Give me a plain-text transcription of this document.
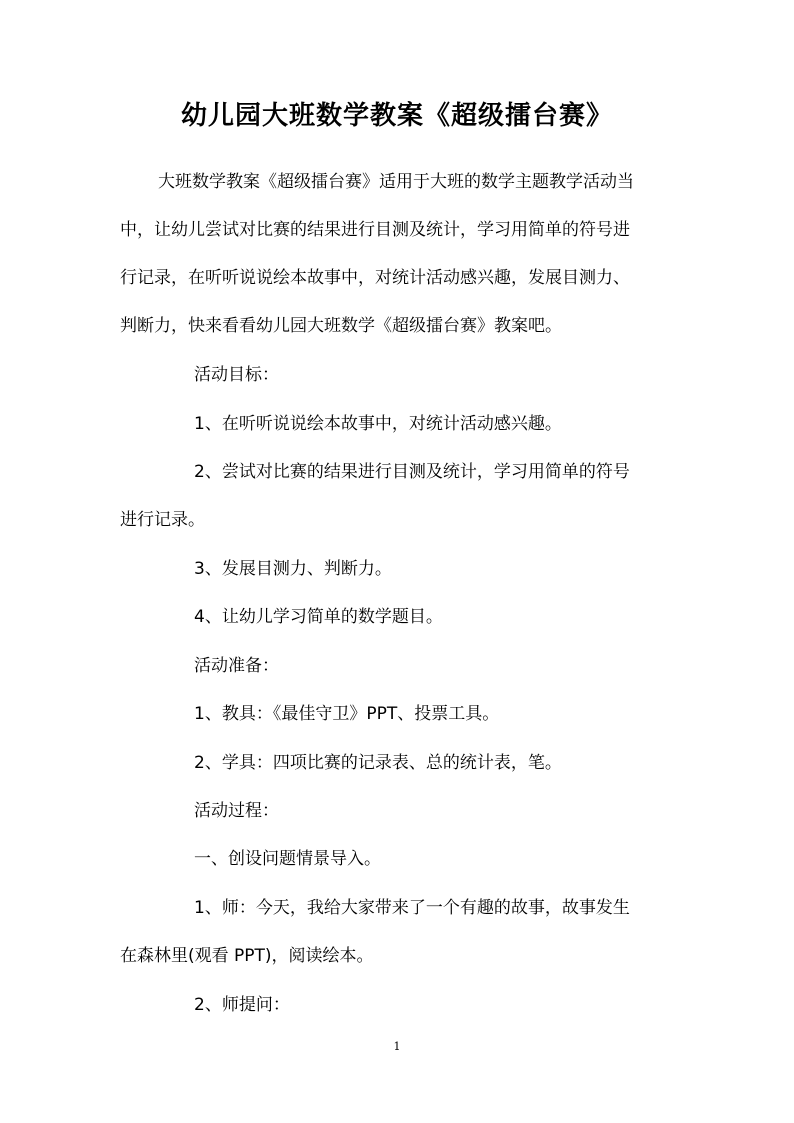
幼儿园大班数学教案《超级擂台赛》
大班数学教案《超级擂台赛》适用于大班的数学主题教学活动当
中，让幼儿尝试对比赛的结果进行目测及统计，学习用简单的符号进
行记录，在听听说说绘本故事中，对统计活动感兴趣，发展目测力、
判断力，快来看看幼儿园大班数学《超级擂台赛》教案吧。
活动目标：
1、在听听说说绘本故事中，对统计活动感兴趣。
2、尝试对比赛的结果进行目测及统计，学习用简单的符号
进行记录。
3、发展目测力、判断力。
4、让幼儿学习简单的数学题目。
活动准备：
1、教具：《最佳守卫》PPT、投票工具。
2、学具：四项比赛的记录表、总的统计表，笔。
活动过程：
一、创设问题情景导入。
1、师：今天，我给大家带来了一个有趣的故事，故事发生
在森林里(观看 PPT)，阅读绘本。
2、师提问：
1
